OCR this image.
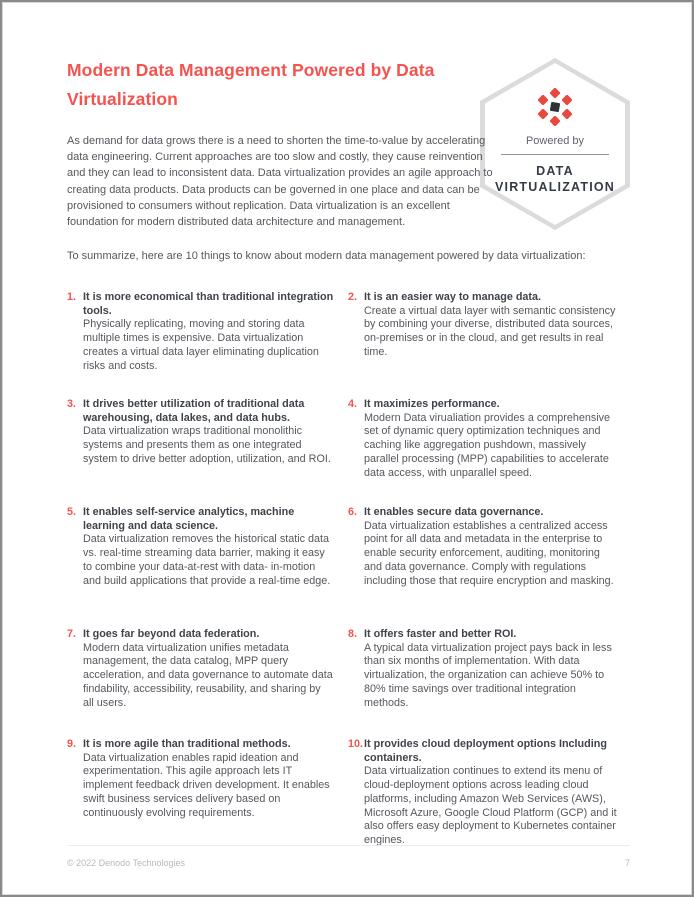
Modern Data Management Powered by Data Virtualization
Powered by
DATA
VIRTUALIZATION

As demand for data grows there is a need to shorten the time-to-value by accelerating data engineering. Current approaches are too slow and costly, they cause reinvention and they can lead to inconsistent data. Data virtualization provides an agile approach to creating data products. Data products can be governed in one place and data can be provisioned to consumers without replication. Data virtualization is an excellent foundation for modern distributed data architecture and management.

To summarize, here are 10 things to know about modern data management powered by data virtualization:

1. It is more economical than traditional integration tools.
Physically replicating, moving and storing data multiple times is expensive. Data virtualization creates a virtual data layer eliminating duplication risks and costs.
2. It is an easier way to manage data.
Create a virtual data layer with semantic consistency by combining your diverse, distributed data sources, on-premises or in the cloud, and get results in real time.
3. It drives better utilization of traditional data warehousing, data lakes, and data hubs.
Data virtualization wraps traditional monolithic systems and presents them as one integrated system to drive better adoption, utilization, and ROI.
4. It maximizes performance.
Modern Data virualiation provides a comprehensive set of dynamic query optimization techniques and caching like aggregation pushdown, massively parallel processing (MPP) capabilities to accelerate data access, with unparallel speed.
5. It enables self-service analytics, machine learning and data science.
Data virtualization removes the historical static data vs. real-time streaming data barrier, making it easy to combine your data-at-rest with data- in-motion and build applications that provide a real-time edge.
6. It enables secure data governance.
Data virtualization establishes a centralized access point for all data and metadata in the enterprise to enable security enforcement, auditing, monitoring and data governance. Comply with regulations including those that require encryption and masking.
7. It goes far beyond data federation.
Modern data virtualization unifies metadata management, the data catalog, MPP query acceleration, and data governance to automate data findability, accessibility, reusability, and sharing by all users.
8. It offers faster and better ROI.
A typical data virtualization project pays back in less than six months of implementation. With data virtualization, the organization can achieve 50% to 80% time savings over traditional integration methods.
9. It is more agile than traditional methods.
Data virtualization enables rapid ideation and experimentation. This agile approach lets IT implement feedback driven development. It enables swift business services delivery based on continuously evolving requirements.
10. It provides cloud deployment options Including containers.
Data virtualization continues to extend its menu of cloud-deployment options across leading cloud platforms, including Amazon Web Services (AWS), Microsoft Azure, Google Cloud Platform (GCP) and it also offers easy deployment to Kubernetes container engines.
© 2022 Denodo Technologies	7
